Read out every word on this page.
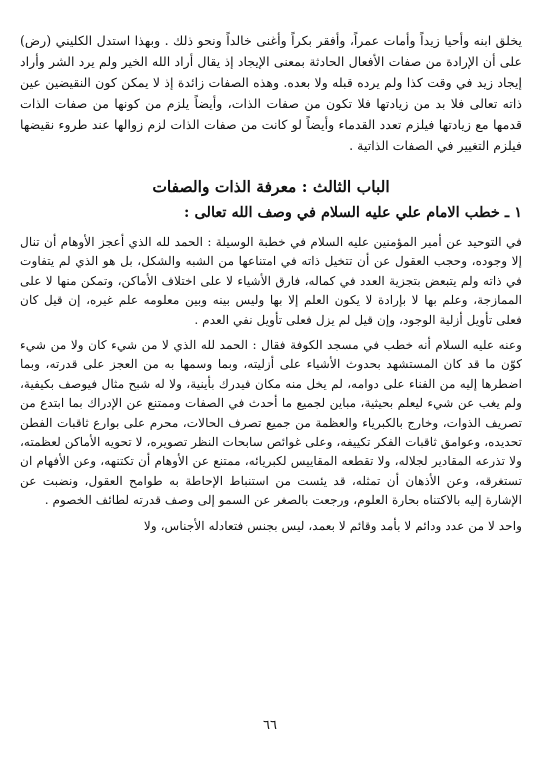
يخلق ابنه وأحيا زيداً وأمات عمراً، وأفقر بكراً وأغنى خالداً ونحو ذلك . وبهذا استدل الكليني (رض) على أن الإرادة من صفات الأفعال الحادثة بمعنى الإيجاد إذ يقال أراد الله الخير ولم يرد الشر وأراد إيجاد زيد في وقت كذا ولم يرده قبله ولا بعده. وهذه الصفات زائدة إذ لا يمكن كون النقيضين عين ذاته تعالى فلا بد من زيادتها فلا تكون من صفات الذات، وأيضاً يلزم من كونها من صفات الذات قدمها مع زيادتها فيلزم تعدد القدماء وأيضاً لو كانت من صفات الذات لزم زوالها عند طروء نقيضها فيلزم التغيير في الصفات الذاتية .
الباب الثالث : معرفة الذات والصفات
١ ـ خطب الامام علي عليه السلام في وصف الله تعالى :
في التوحيد عن أمير المؤمنين عليه السلام في خطبة الوسيلة : الحمد لله الذي أعجز الأوهام أن تنال إلا وجوده، وحجب العقول عن أن تتخيل ذاته في امتناعها من الشبه والشكل، بل هو الذي لم يتفاوت في ذاته ولم يتبعض بتجزية العدد في كماله، فارق الأشياء لا على اختلاف الأماكن، وتمكن منها لا على الممازجة، وعلم بها لا بإرادة لا يكون العلم إلا بها وليس بينه وبين معلومه علم غيره، إن قيل كان فعلى تأويل أزلية الوجود، وإن قيل لم يزل فعلى تأويل نفي العدم .
وعنه عليه السلام أنه خطب في مسجد الكوفة فقال : الحمد لله الذي لا من شيء كان ولا من شيء كوّن ما قد كان المستشهد بحدوث الأشياء على أزليته، وبما وسمها به من العجز على قدرته، وبما اضطرها إليه من الفناء على دوامه، لم يخل منه مكان فيدرك بأينية، ولا له شبح مثال فيوصف بكيفية، ولم يغب عن شيء ليعلم بحيثية، مباين لجميع ما أحدث في الصفات وممتنع عن الإدراك بما ابتدع من تصريف الذوات، وخارج بالكبرياء والعظمة من جميع تصرف الحالات، محرم على بوارع ثاقبات الفطن تحديده، وعوامق ثاقبات الفكر تكييفه، وعلى غوائص سابحات النظر تصويره، لا تحويه الأماكن لعظمته، ولا تذرعه المقادير لجلاله، ولا تقطعه المقاييس لكبريائه، ممتنع عن الأوهام أن تكتنهه، وعن الأفهام ان تستغرقه، وعن الأذهان أن تمثله، قد يئست من استنباط الإحاطة به طوامح العقول، ونضبت عن الإشارة إليه بالاكتناه بحارة العلوم، ورجعت بالصغر عن السمو إلى وصف قدرته لطائف الخصوم .
واحد لا من عدد ودائم لا بأمد وقائم لا بعمد، ليس بجنس فتعادله الأجناس، ولا
٦٦
